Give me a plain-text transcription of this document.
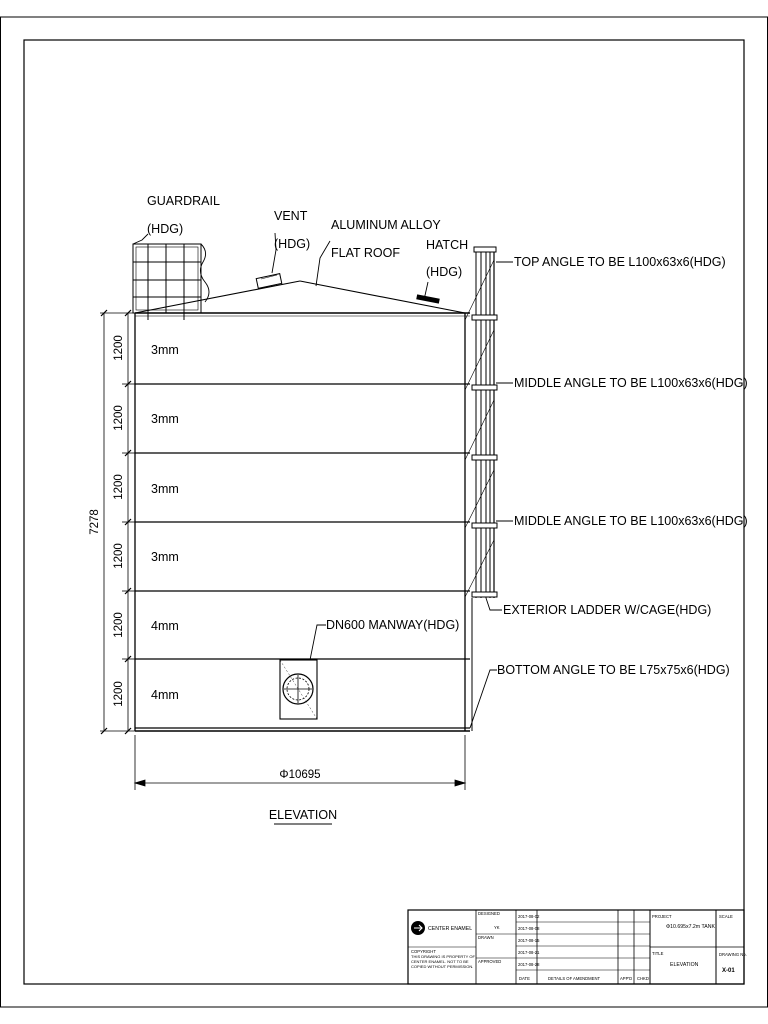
GUARDRAIL
(HDG)
VENT
(HDG)
ALUMINUM ALLOY
FLAT ROOF
HATCH
(HDG)
TOP ANGLE TO BE L100x63x6(HDG)
MIDDLE ANGLE TO BE L100x63x6(HDG)
MIDDLE ANGLE TO BE L100x63x6(HDG)
EXTERIOR LADDER W/CAGE(HDG)
BOTTOM ANGLE TO BE L75x75x6(HDG)
DN600 MANWAY(HDG)
3mm
3mm
3mm
3mm
4mm
4mm
1200
1200
1200
1200
1200
1200
7278
Φ10695
ELEVATION
CENTER ENAMEL
DESIGNED
YK
DRAWN
APPROVED
COPYRIGHT
THIS DRAWING IS PROPERTY OF CENTER ENAMEL. NOT TO BE COPIED WITHOUT PERMISSION.
2017-08-02
2017-08-08
2017-08-15
2017-08-21
2017-08-28
DATE	DETAILS OF AMENDMENT	APP'D CHKD
PROJECT
Φ10.695x7.2m TANK
TITLE
ELEVATION
SCALE
DRAWING No.
X-01
